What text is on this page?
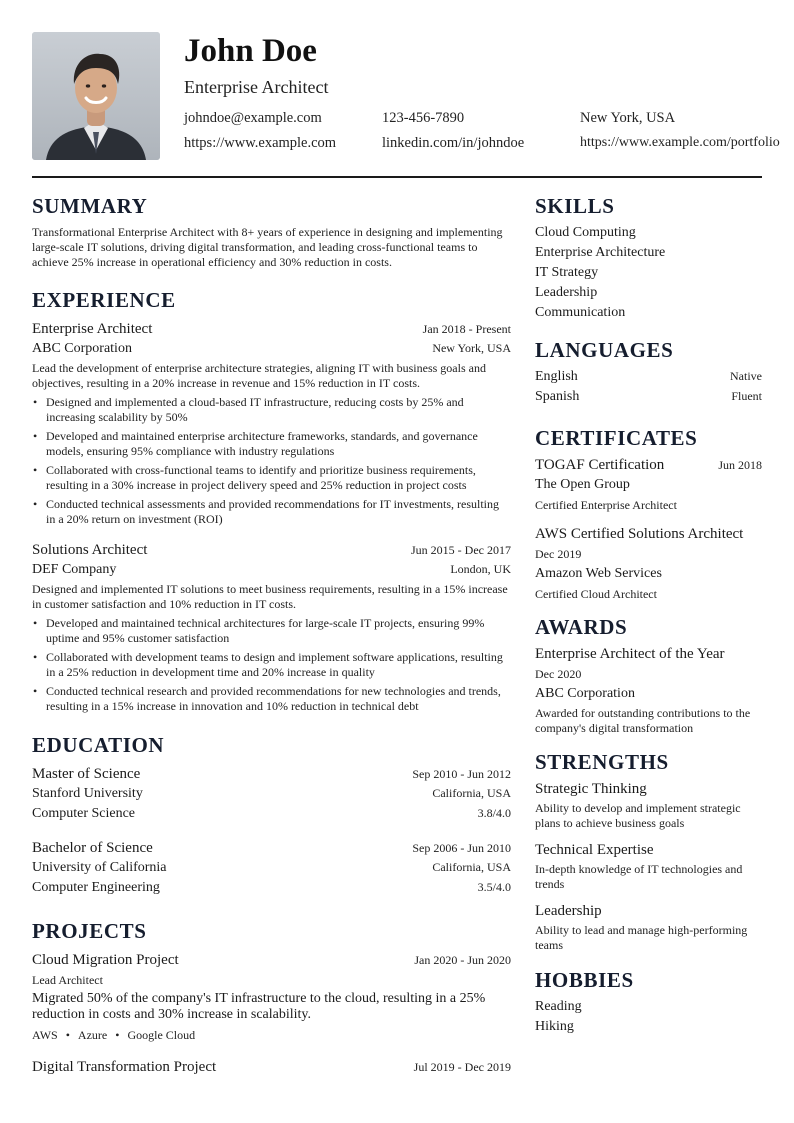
John Doe
Enterprise Architect
johndoe@example.com	123-456-7890	New York, USA
https://www.example.com	linkedin.com/in/johndoe	https://www.example.com/portfolio
SUMMARY
Transformational Enterprise Architect with 8+ years of experience in designing and implementing large-scale IT solutions, driving digital transformation, and leading cross-functional teams to achieve 25% increase in operational efficiency and 30% reduction in costs.
EXPERIENCE
Enterprise Architect	Jan 2018 - Present
ABC Corporation	New York, USA
Lead the development of enterprise architecture strategies, aligning IT with business goals and objectives, resulting in a 20% increase in revenue and 15% reduction in IT costs.
• Designed and implemented a cloud-based IT infrastructure, reducing costs by 25% and increasing scalability by 50%
• Developed and maintained enterprise architecture frameworks, standards, and governance models, ensuring 95% compliance with industry regulations
• Collaborated with cross-functional teams to identify and prioritize business requirements, resulting in a 30% increase in project delivery speed and 25% reduction in project costs
• Conducted technical assessments and provided recommendations for IT investments, resulting in a 20% return on investment (ROI)
Solutions Architect	Jun 2015 - Dec 2017
DEF Company	London, UK
Designed and implemented IT solutions to meet business requirements, resulting in a 15% increase in customer satisfaction and 10% reduction in IT costs.
• Developed and maintained technical architectures for large-scale IT projects, ensuring 99% uptime and 95% customer satisfaction
• Collaborated with development teams to design and implement software applications, resulting in a 25% reduction in development time and 20% increase in quality
• Conducted technical research and provided recommendations for new technologies and trends, resulting in a 15% increase in innovation and 10% reduction in technical debt
EDUCATION
Master of Science	Sep 2010 - Jun 2012
Stanford University	California, USA
Computer Science	3.8/4.0
Bachelor of Science	Sep 2006 - Jun 2010
University of California	California, USA
Computer Engineering	3.5/4.0
PROJECTS
Cloud Migration Project	Jan 2020 - Jun 2020
Lead Architect
Migrated 50% of the company's IT infrastructure to the cloud, resulting in a 25% reduction in costs and 30% increase in scalability.
AWS • Azure • Google Cloud
Digital Transformation Project	Jul 2019 - Dec 2019
SKILLS
Cloud Computing
Enterprise Architecture
IT Strategy
Leadership
Communication
LANGUAGES
English	Native
Spanish	Fluent
CERTIFICATES
TOGAF Certification	Jun 2018
The Open Group
Certified Enterprise Architect
AWS Certified Solutions Architect
Dec 2019
Amazon Web Services
Certified Cloud Architect
AWARDS
Enterprise Architect of the Year
Dec 2020
ABC Corporation
Awarded for outstanding contributions to the company's digital transformation
STRENGTHS
Strategic Thinking
Ability to develop and implement strategic plans to achieve business goals
Technical Expertise
In-depth knowledge of IT technologies and trends
Leadership
Ability to lead and manage high-performing teams
HOBBIES
Reading
Hiking
